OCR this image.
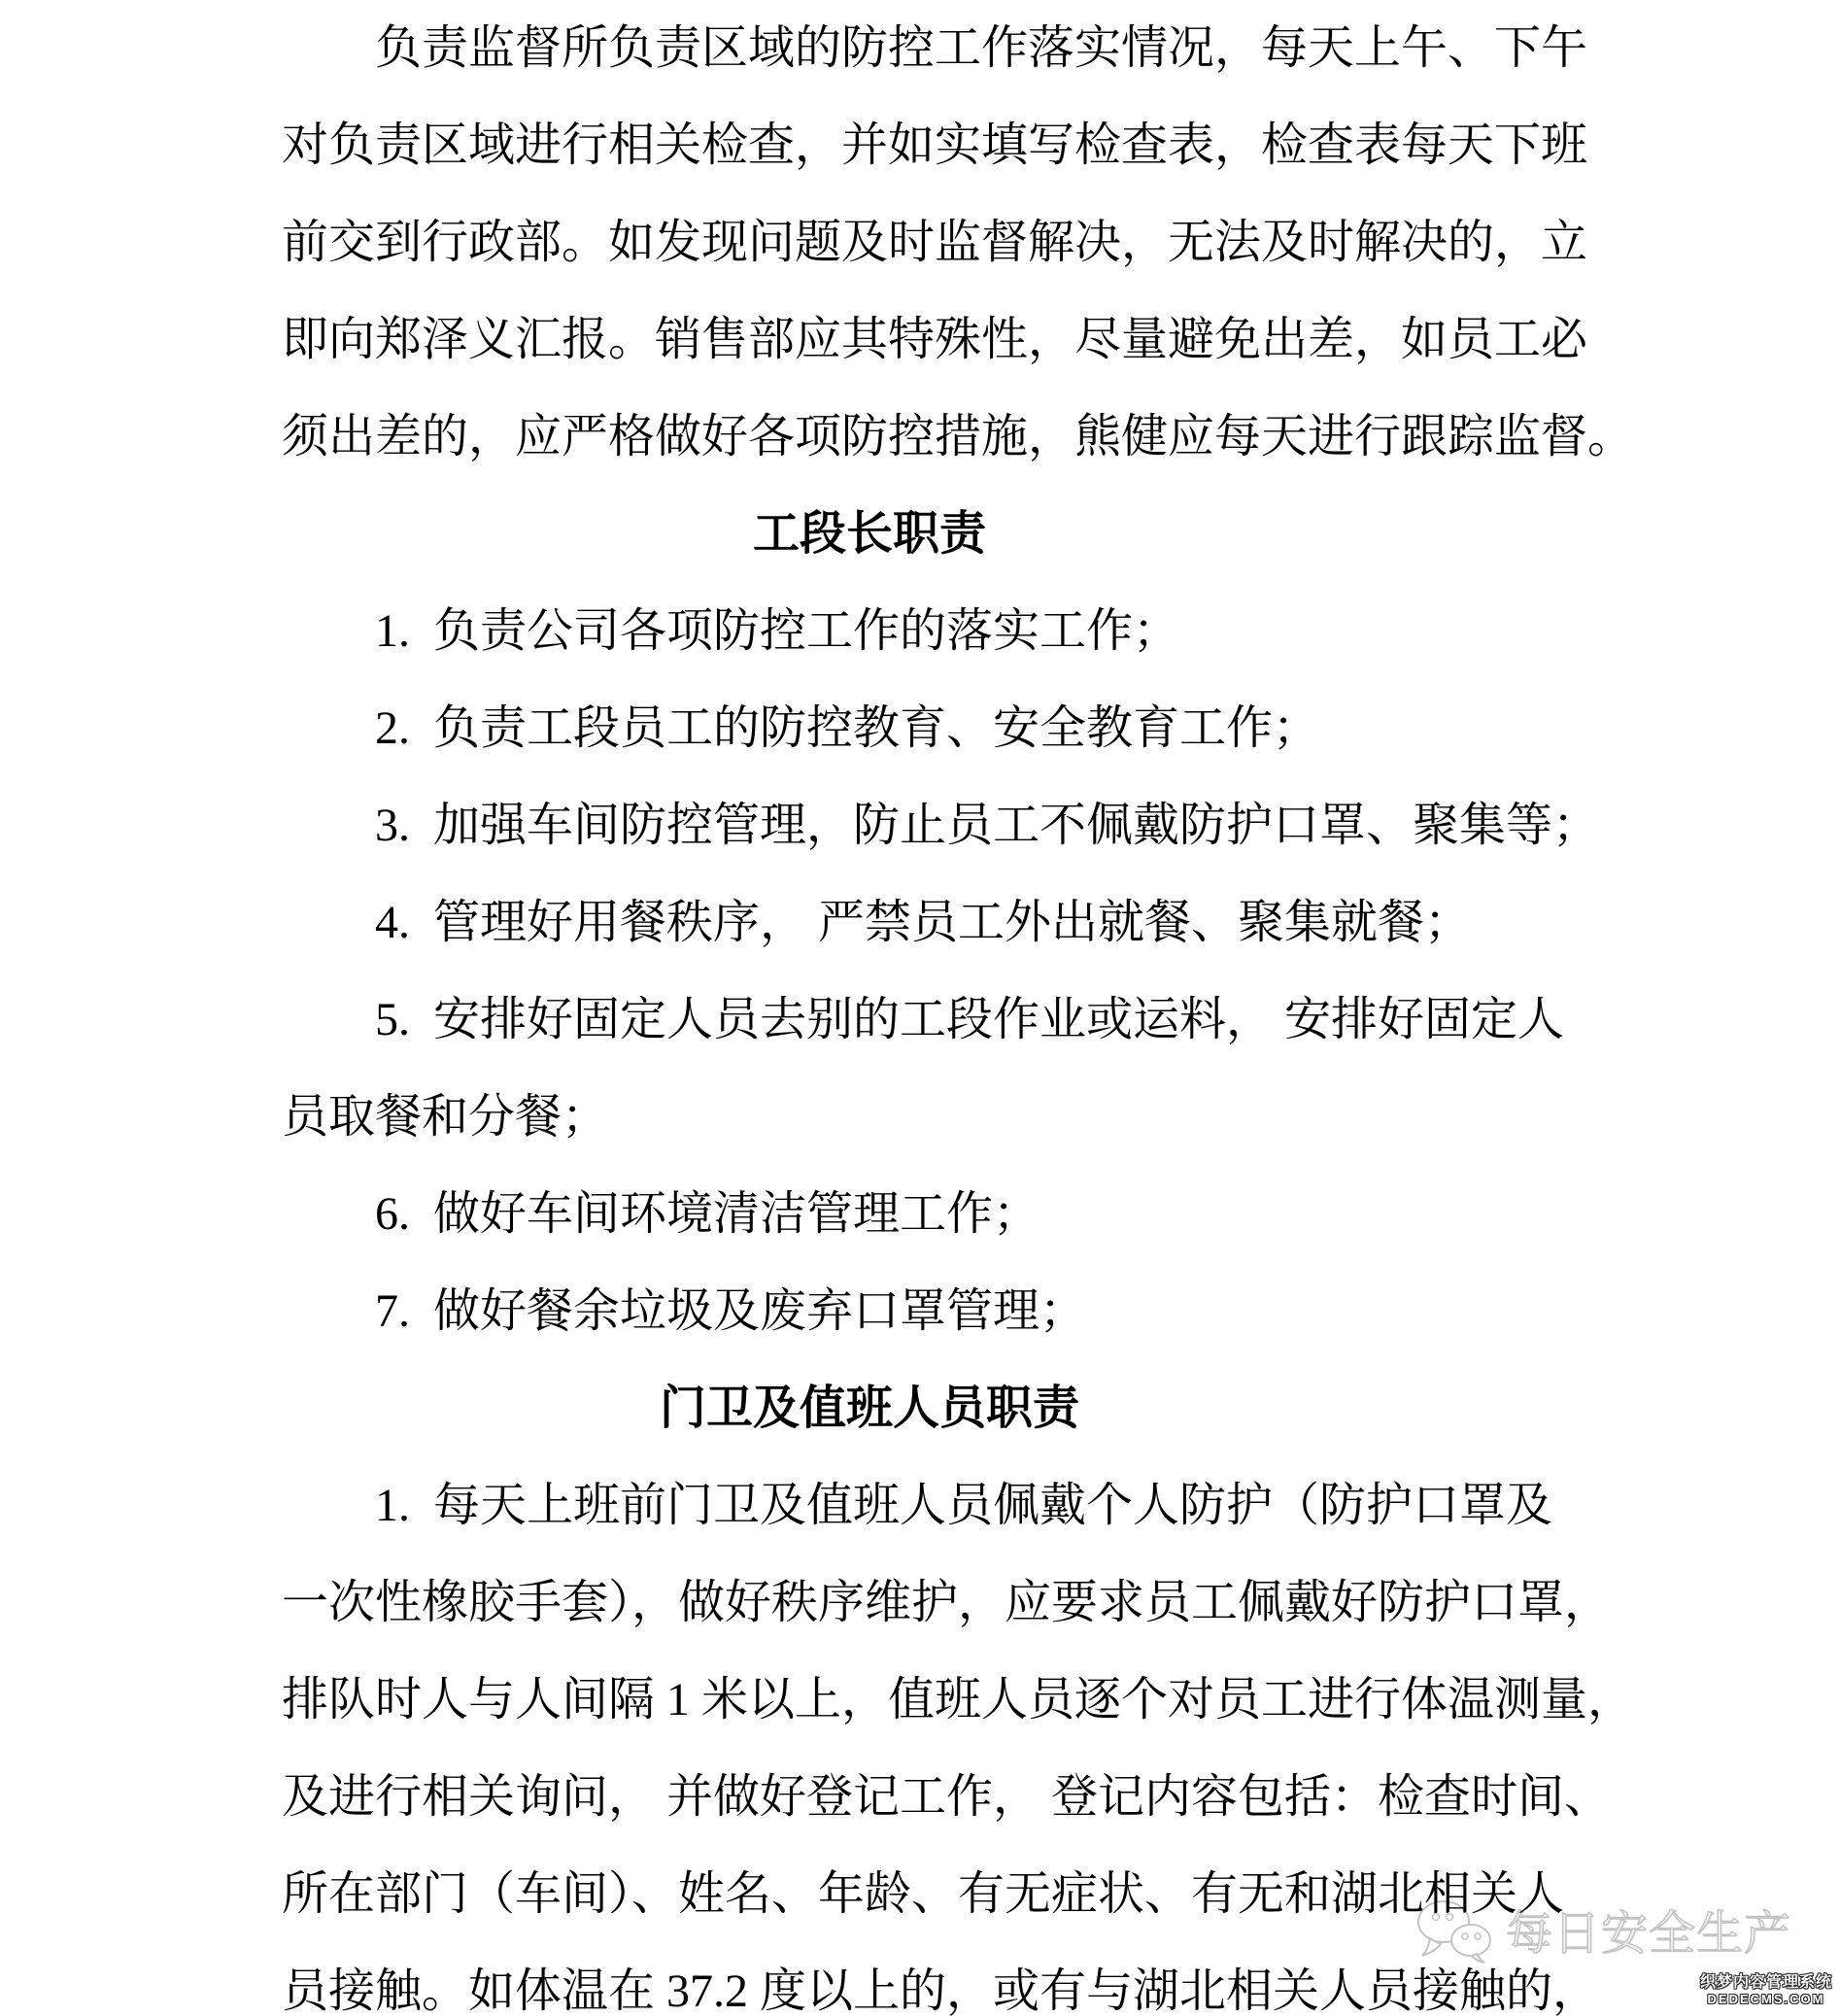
负责监督所负责区域的防控工作落实情况，每天上午、下午
对负责区域进行相关检查，并如实填写检查表，检查表每天下班
前交到行政部。如发现问题及时监督解决，无法及时解决的，立
即向郑泽义汇报。销售部应其特殊性，尽量避免出差，如员工必
须出差的，应严格做好各项防控措施，熊健应每天进行跟踪监督。
工段长职责
1.  负责公司各项防控工作的落实工作；
2.  负责工段员工的防控教育、安全教育工作；
3.  加强车间防控管理，防止员工不佩戴防护口罩、聚集等；
4.  管理好用餐秩序， 严禁员工外出就餐、聚集就餐；
5.  安排好固定人员去别的工段作业或运料， 安排好固定人
员取餐和分餐；
6.  做好车间环境清洁管理工作；
7.  做好餐余垃圾及废弃口罩管理；
门卫及值班人员职责
1.  每天上班前门卫及值班人员佩戴个人防护（防护口罩及
一次性橡胶手套），做好秩序维护，应要求员工佩戴好防护口罩，
排队时人与人间隔 1 米以上，值班人员逐个对员工进行体温测量，
及进行相关询问， 并做好登记工作， 登记内容包括：检查时间、
所在部门（车间）、姓名、年龄、有无症状、有无和湖北相关人
员接触。如体温在 37.2 度以上的，或有与湖北相关人员接触的，
每日安全生产
织梦内容管理系统
DEDECMS.COM
